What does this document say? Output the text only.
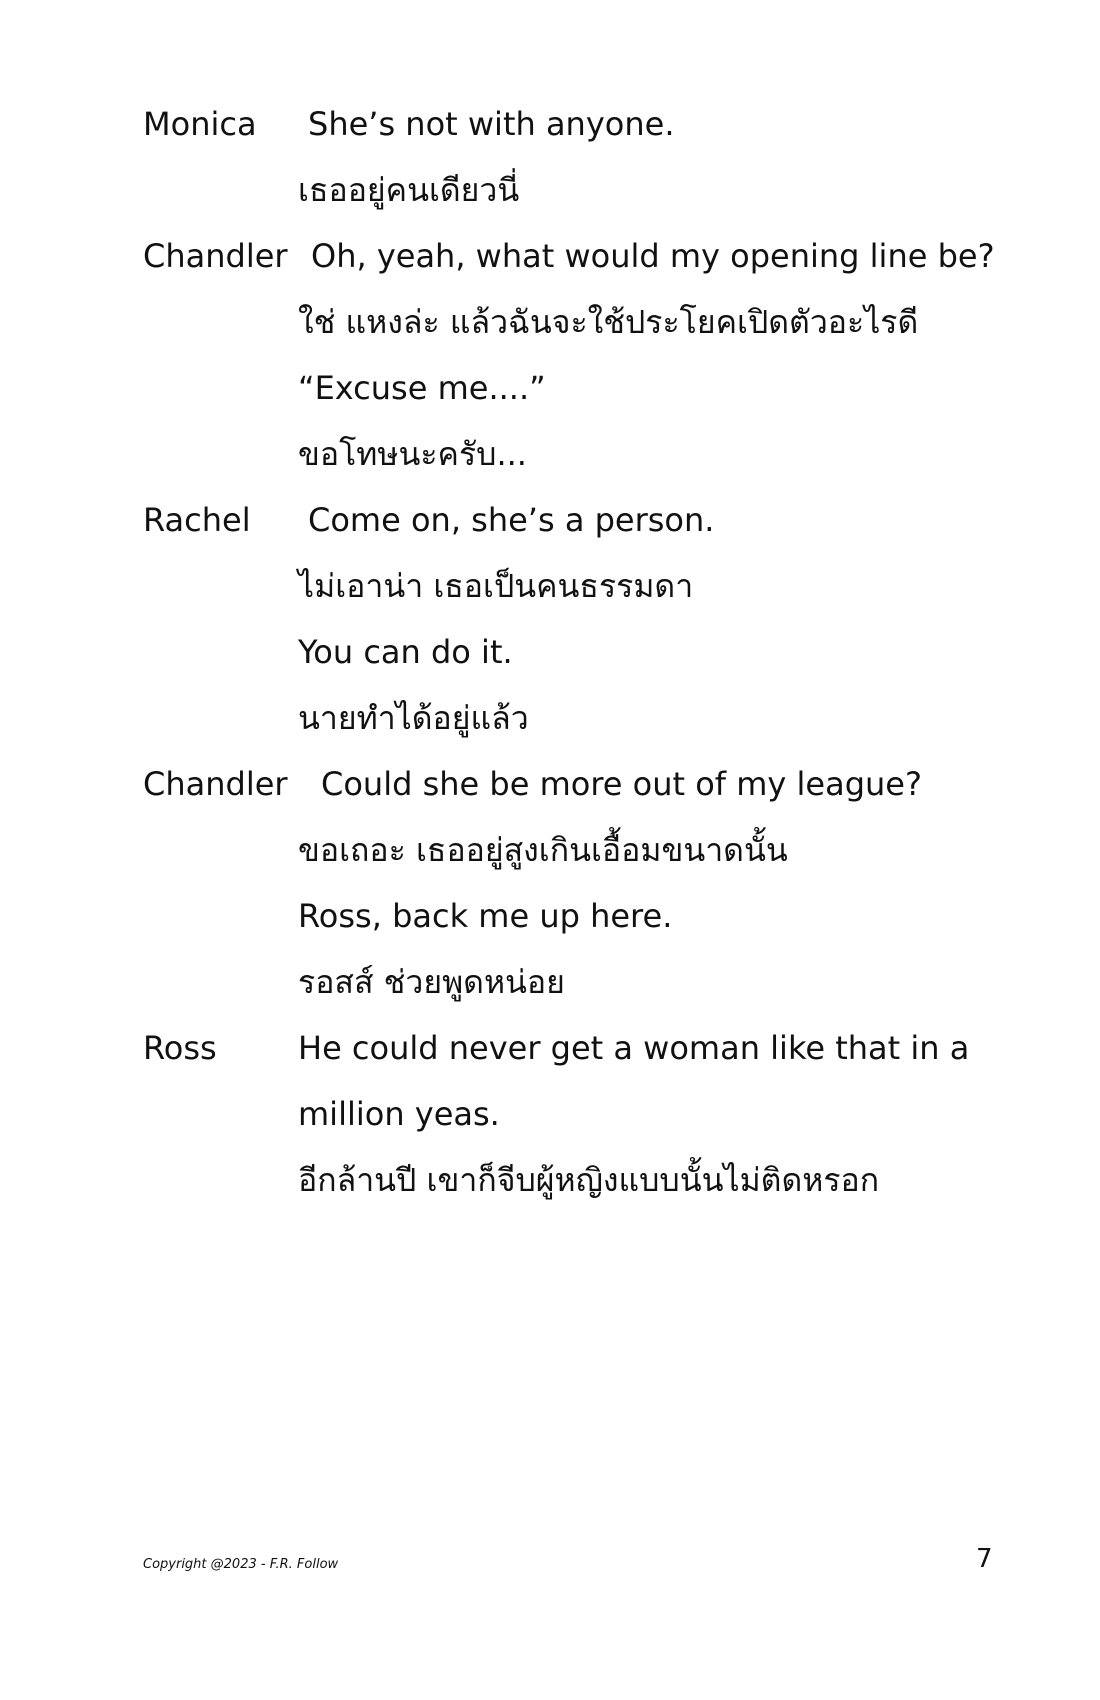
Monica She’s not with anyone.
เธออยู่คนเดียวนี่
Chandler Oh, yeah, what would my opening line be?
ใช่ แหงล่ะ แล้วฉันจะใช้ประโยคเปิดตัวอะไรดี
“Excuse me....”
ขอโทษนะครับ...
Rachel Come on, she’s a person.
ไม่เอาน่า เธอเป็นคนธรรมดา
You can do it.
นายทำได้อยู่แล้ว
Chandler Could she be more out of my league?
ขอเถอะ เธออยู่สูงเกินเอื้อมขนาดนั้น
Ross, back me up here.
รอสส์ ช่วยพูดหน่อย
Ross	He could never get a woman like that in a
million yeas.
อีกล้านปี เขาก็จีบผู้หญิงแบบนั้นไม่ติดหรอก
Copyright @2023 - F.R. Follow	7
